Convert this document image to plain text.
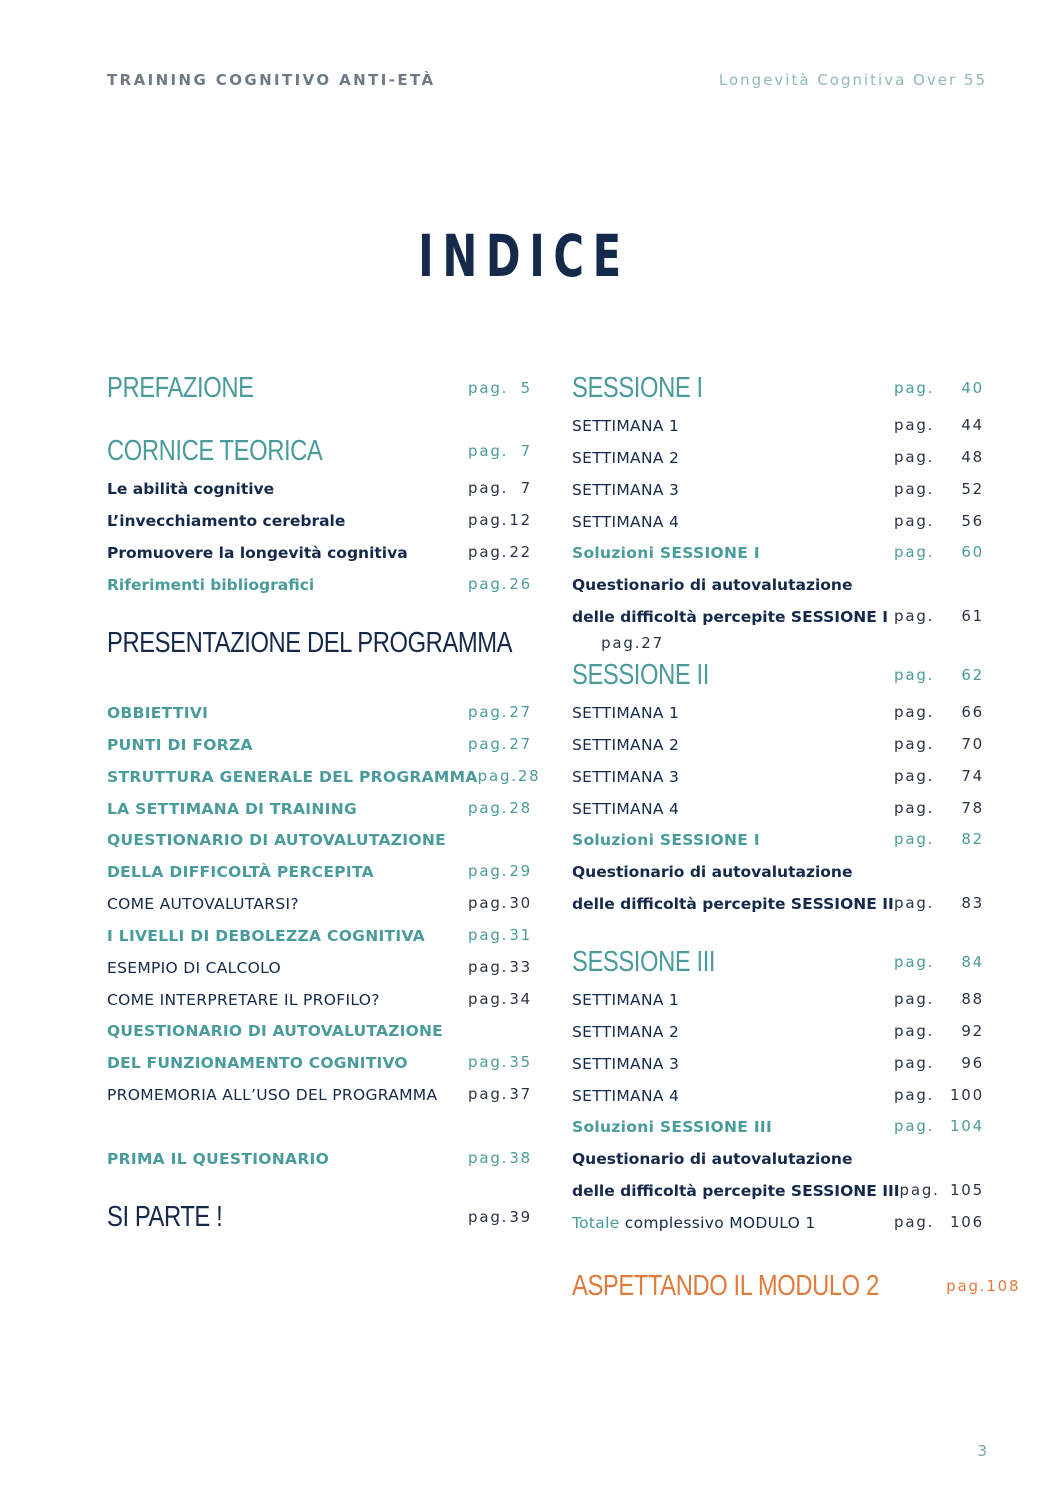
TRAINING COGNITIVO ANTI-ETÀ	Longevità Cognitiva Over 55
INDICE
PREFAZIONE	pag. 5
CORNICE TEORICA	pag. 7
Le abilità cognitive	pag. 7
L’invecchiamento cerebrale	pag. 12
Promuovere la longevità cognitiva	pag. 22
Riferimenti bibliografici	pag. 26
PRESENTAZIONE DEL PROGRAMMA	pag. 27
OBBIETTIVI	pag. 27
PUNTI DI FORZA	pag. 27
STRUTTURA GENERALE DEL PROGRAMMA pag. 28
LA SETTIMANA DI TRAINING	pag. 28
QUESTIONARIO DI AUTOVALUTAZIONE
DELLA DIFFICOLTÀ PERCEPITA	pag. 29
COME AUTOVALUTARSI?	pag. 30
I LIVELLI DI DEBOLEZZA COGNITIVA	pag. 31
ESEMPIO DI CALCOLO	pag. 33
COME INTERPRETARE IL PROFILO?	pag. 34
QUESTIONARIO DI AUTOVALUTAZIONE
DEL FUNZIONAMENTO COGNITIVO	pag. 35
PROMEMORIA ALL’USO DEL PROGRAMMA	pag. 37
PRIMA IL QUESTIONARIO	pag. 38
SI PARTE !	pag. 39
SESSIONE I	pag. 40
SETTIMANA 1	pag. 44
SETTIMANA 2	pag. 48
SETTIMANA 3	pag. 52
SETTIMANA 4	pag. 56
Soluzioni SESSIONE I	pag. 60
Questionario di autovalutazione
delle difficoltà percepite SESSIONE I pag. 61
SESSIONE II	pag. 62
SETTIMANA 1	pag. 66
SETTIMANA 2	pag. 70
SETTIMANA 3	pag. 74
SETTIMANA 4	pag. 78
Soluzioni SESSIONE I	pag. 82
Questionario di autovalutazione
delle difficoltà percepite SESSIONE II pag. 83
SESSIONE III	pag. 84
SETTIMANA 1	pag. 88
SETTIMANA 2	pag. 92
SETTIMANA 3	pag. 96
SETTIMANA 4	pag. 100
Soluzioni SESSIONE III	pag. 104
Questionario di autovalutazione
delle difficoltà percepite SESSIONE III pag. 105
Totale complessivo MODULO 1	pag. 106
ASPETTANDO IL MODULO 2	pag. 108
3
